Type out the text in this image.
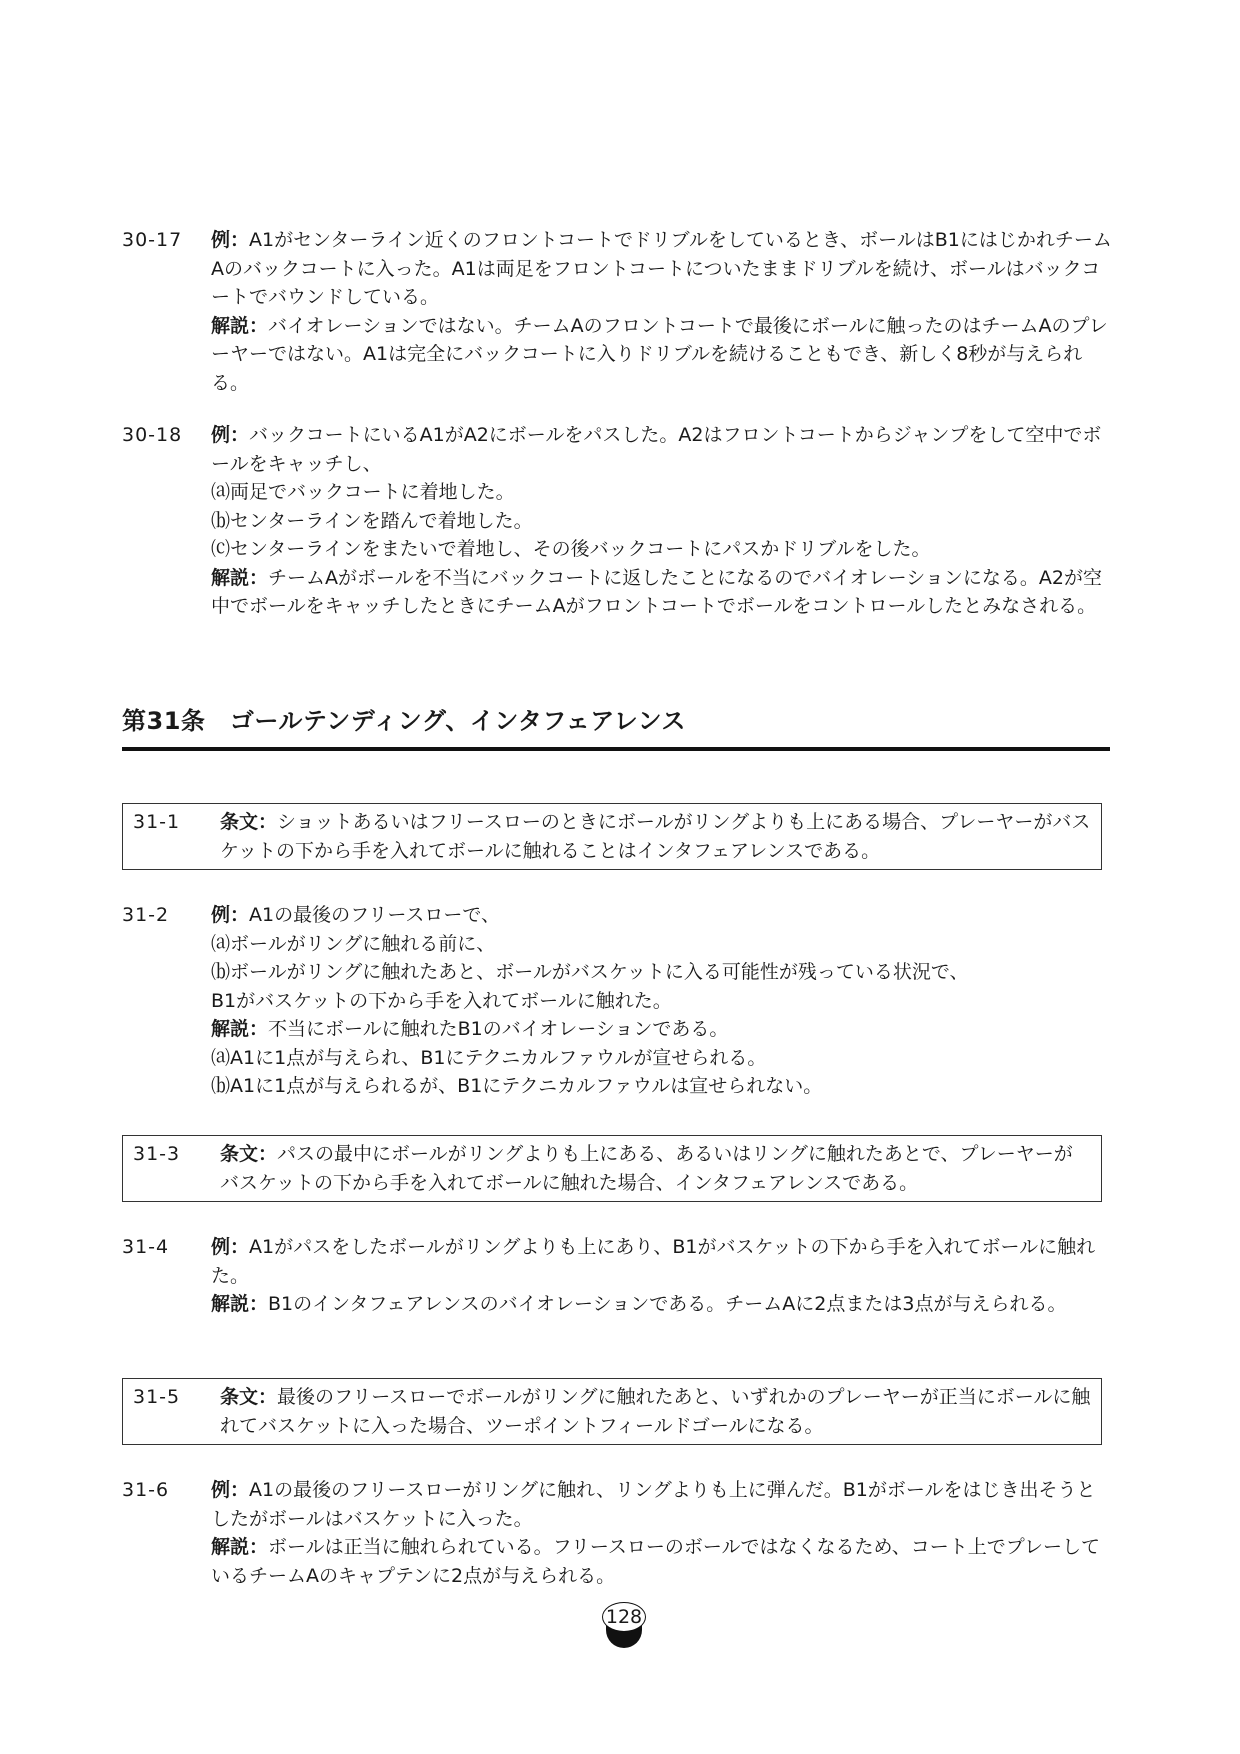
30-17	例：A1がセンターライン近くのフロントコートでドリブルをしているとき、ボールはB1にはじかれチームAのバックコートに入った。A1は両足をフロントコートについたままドリブルを続け、ボールはバックコートでバウンドしている。

解説：バイオレーションではない。チームAのフロントコートで最後にボールに触ったのはチームAのプレーヤーではない。A1は完全にバックコートに入りドリブルを続けることもでき、新しく8秒が与えられる。

30-18	例：バックコートにいるA1がA2にボールをパスした。A2はフロントコートからジャンプをして空中でボールをキャッチし、

⒜両足でバックコートに着地した。
⒝センターラインを踏んで着地した。
⒞センターラインをまたいで着地し、その後バックコートにパスかドリブルをした。

解説：チームAがボールを不当にバックコートに返したことになるのでバイオレーションになる。A2が空中でボールをキャッチしたときにチームAがフロントコートでボールをコントロールしたとみなされる。

第31条　ゴールテンディング、インタフェアレンス
31-1	条文：ショットあるいはフリースローのときにボールがリングよりも上にある場合、プレーヤーがバスケットの下から手を入れてボールに触れることはインタフェアレンスである。
31-2	例：A1の最後のフリースローで、

⒜ボールがリングに触れる前に、
⒝ボールがリングに触れたあと、ボールがバスケットに入る可能性が残っている状況で、

B1がバスケットの下から手を入れてボールに触れた。

解説：不当にボールに触れたB1のバイオレーションである。

⒜A1に1点が与えられ、B1にテクニカルファウルが宣せられる。
⒝A1に1点が与えられるが、B1にテクニカルファウルは宣せられない。
31-3	条文：パスの最中にボールがリングよりも上にある、あるいはリングに触れたあとで、プレーヤーがバスケットの下から手を入れてボールに触れた場合、インタフェアレンスである。
31-4	例：A1がパスをしたボールがリングよりも上にあり、B1がバスケットの下から手を入れてボールに触れた。

解説：B1のインタフェアレンスのバイオレーションである。チームAに2点または3点が与えられる。

31-5	条文：最後のフリースローでボールがリングに触れたあと、いずれかのプレーヤーが正当にボールに触れてバスケットに入った場合、ツーポイントフィールドゴールになる。
31-6	例：A1の最後のフリースローがリングに触れ、リングよりも上に弾んだ。B1がボールをはじき出そうとしたがボールはバスケットに入った。

解説：ボールは正当に触れられている。フリースローのボールではなくなるため、コート上でプレーしているチームAのキャプテンに2点が与えられる。

128
